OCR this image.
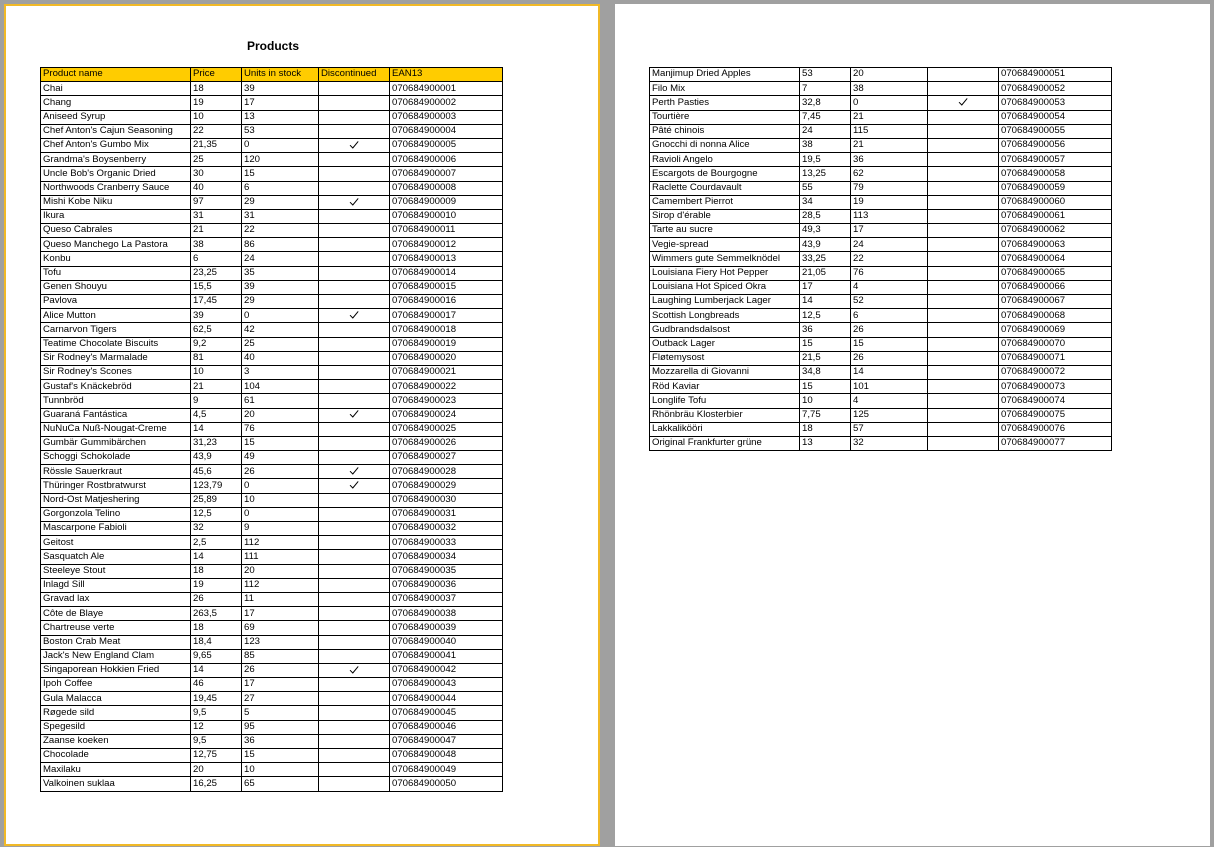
Products
Product name	Price	Units in stock	Discontinued	EAN13
Chai	18	39		070684900001
Chang	19	17		070684900002
Aniseed Syrup	10	13		070684900003
Chef Anton's Cajun Seasoning	22	53		070684900004
Chef Anton's Gumbo Mix	21,35	0		070684900005
Grandma's Boysenberry	25	120		070684900006
Uncle Bob's Organic Dried	30	15		070684900007
Northwoods Cranberry Sauce	40	6		070684900008
Mishi Kobe Niku	97	29		070684900009
Ikura	31	31		070684900010
Queso Cabrales	21	22		070684900011
Queso Manchego La Pastora	38	86		070684900012
Konbu	6	24		070684900013
Tofu	23,25	35		070684900014
Genen Shouyu	15,5	39		070684900015
Pavlova	17,45	29		070684900016
Alice Mutton	39	0		070684900017
Carnarvon Tigers	62,5	42		070684900018
Teatime Chocolate Biscuits	9,2	25		070684900019
Sir Rodney's Marmalade	81	40		070684900020
Sir Rodney's Scones	10	3		070684900021
Gustaf's Knäckebröd	21	104		070684900022
Tunnbröd	9	61		070684900023
Guaraná Fantástica	4,5	20		070684900024
NuNuCa Nuß-Nougat-Creme	14	76		070684900025
Gumbär Gummibärchen	31,23	15		070684900026
Schoggi Schokolade	43,9	49		070684900027
Rössle Sauerkraut	45,6	26		070684900028
Thüringer Rostbratwurst	123,79	0		070684900029
Nord-Ost Matjeshering	25,89	10		070684900030
Gorgonzola Telino	12,5	0		070684900031
Mascarpone Fabioli	32	9		070684900032
Geitost	2,5	112		070684900033
Sasquatch Ale	14	111		070684900034
Steeleye Stout	18	20		070684900035
Inlagd Sill	19	112		070684900036
Gravad lax	26	11		070684900037
Côte de Blaye	263,5	17		070684900038
Chartreuse verte	18	69		070684900039
Boston Crab Meat	18,4	123		070684900040
Jack's New England Clam	9,65	85		070684900041
Singaporean Hokkien Fried	14	26		070684900042
Ipoh Coffee	46	17		070684900043
Gula Malacca	19,45	27		070684900044
Røgede sild	9,5	5		070684900045
Spegesild	12	95		070684900046
Zaanse koeken	9,5	36		070684900047
Chocolade	12,75	15		070684900048
Maxilaku	20	10		070684900049
Valkoinen suklaa	16,25	65		070684900050
Manjimup Dried Apples	53	20		070684900051
Filo Mix	7	38		070684900052
Perth Pasties	32,8	0		070684900053
Tourtière	7,45	21		070684900054
Pâté chinois	24	115		070684900055
Gnocchi di nonna Alice	38	21		070684900056
Ravioli Angelo	19,5	36		070684900057
Escargots de Bourgogne	13,25	62		070684900058
Raclette Courdavault	55	79		070684900059
Camembert Pierrot	34	19		070684900060
Sirop d'érable	28,5	113		070684900061
Tarte au sucre	49,3	17		070684900062
Vegie-spread	43,9	24		070684900063
Wimmers gute Semmelknödel	33,25	22		070684900064
Louisiana Fiery Hot Pepper	21,05	76		070684900065
Louisiana Hot Spiced Okra	17	4		070684900066
Laughing Lumberjack Lager	14	52		070684900067
Scottish Longbreads	12,5	6		070684900068
Gudbrandsdalsost	36	26		070684900069
Outback Lager	15	15		070684900070
Fløtemysost	21,5	26		070684900071
Mozzarella di Giovanni	34,8	14		070684900072
Röd Kaviar	15	101		070684900073
Longlife Tofu	10	4		070684900074
Rhönbräu Klosterbier	7,75	125		070684900075
Lakkalikööri	18	57		070684900076
Original Frankfurter grüne	13	32		070684900077
